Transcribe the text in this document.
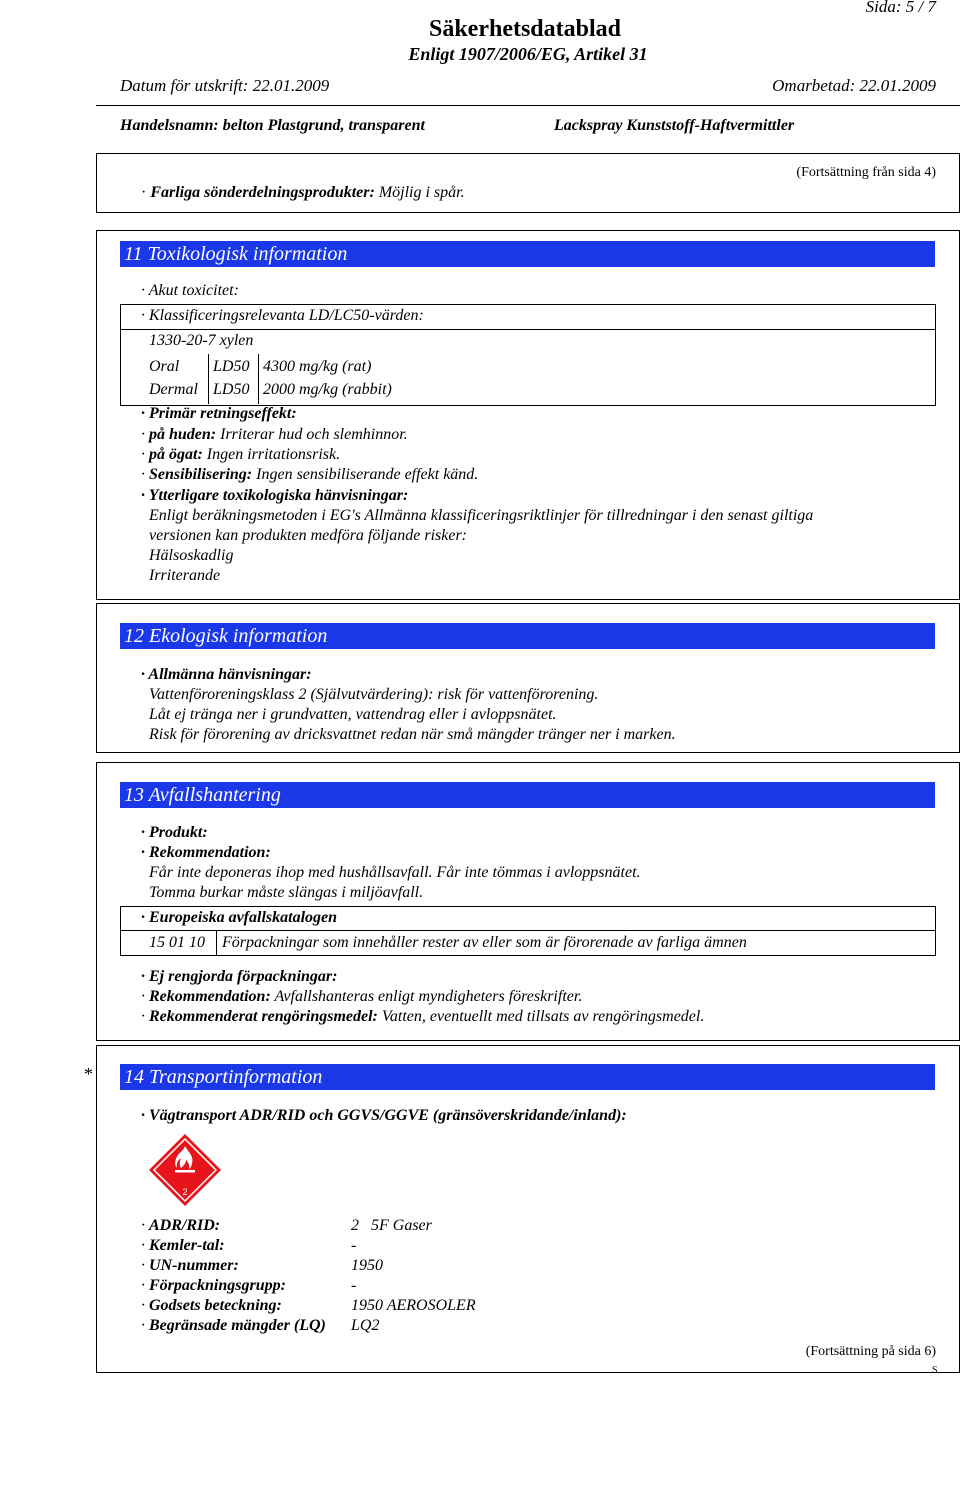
Sida: 5 / 7
Säkerhetsdatablad
Enligt 1907/2006/EG, Artikel 31
Datum för utskrift: 22.01.2009	Omarbetad: 22.01.2009
Handelsnamn: belton Plastgrund, transparent	Lackspray Kunststoff-Haftvermittler
(Fortsättning från sida 4)
· Farliga sönderdelningsprodukter: Möjlig i spår.
11 Toxikologisk information
· Akut toxicitet:
· Klassificeringsrelevanta LD/LC50-värden:
1330-20-7 xylen
Oral LD50 4300 mg/kg (rat)
Dermal LD50 2000 mg/kg (rabbit)
· Primär retningseffekt:
· på huden: Irriterar hud och slemhinnor.
· på ögat: Ingen irritationsrisk.
· Sensibilisering: Ingen sensibiliserande effekt känd.
· Ytterligare toxikologiska hänvisningar:
Enligt beräkningsmetoden i EG's Allmänna klassificeringsriktlinjer för tillredningar i den senast giltiga
versionen kan produkten medföra följande risker:
Hälsoskadlig
Irriterande
12 Ekologisk information
· Allmänna hänvisningar:
Vattenföroreningsklass 2 (Självutvärdering): risk för vattenförorening.
Låt ej tränga ner i grundvatten, vattendrag eller i avloppsnätet.
Risk för förorening av dricksvattnet redan när små mängder tränger ner i marken.
13 Avfallshantering
· Produkt:
· Rekommendation:
Får inte deponeras ihop med hushållsavfall. Får inte tömmas i avloppsnätet.
Tomma burkar måste slängas i miljöavfall.
· Europeiska avfallskatalogen
15 01 10 Förpackningar som innehåller rester av eller som är förorenade av farliga ämnen
· Ej rengjorda förpackningar:
· Rekommendation: Avfallshanteras enligt myndigheters föreskrifter.
· Rekommenderat rengöringsmedel: Vatten, eventuellt med tillsats av rengöringsmedel.
* 14 Transportinformation
· Vägtransport ADR/RID och GGVS/GGVE (gränsöverskridande/inland):
2
· ADR/RID:	2   5F Gaser
· Kemler-tal:	-
· UN-nummer:	1950
· Förpackningsgrupp:	-
· Godsets beteckning:	1950 AEROSOLER
· Begränsade mängder (LQ) LQ2
(Fortsättning på sida 6)
S
